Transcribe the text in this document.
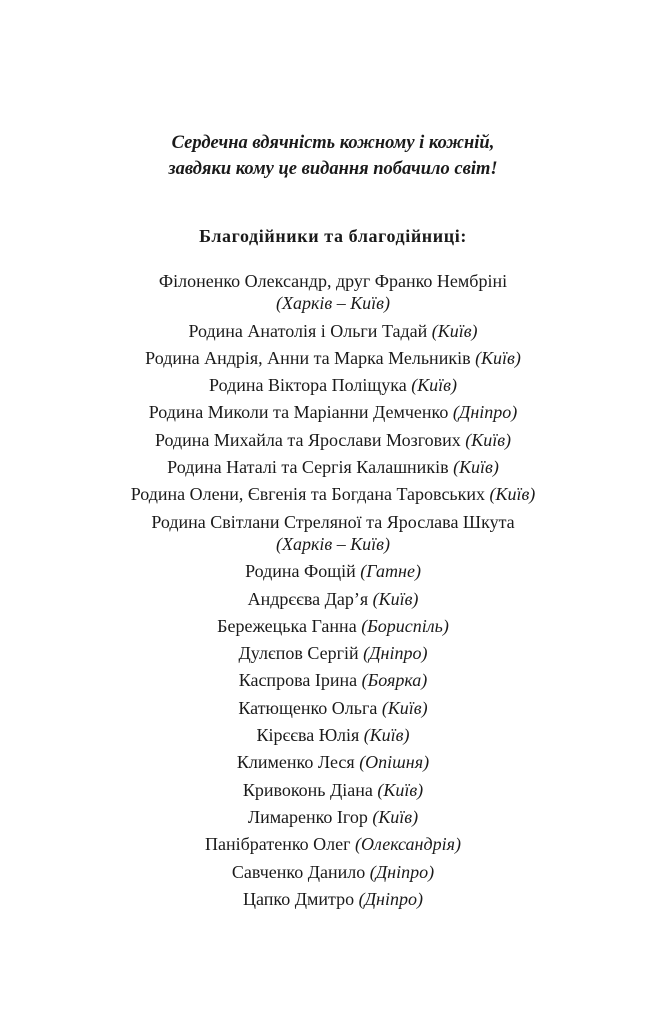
Сердечна вдячність кожному і кожній,
завдяки кому це видання побачило світ!
Благодійники та благодійниці:
Філоненко Олександр, друг Франко Нембріні
(Харків – Київ)
Родина Анатолія і Ольги Тадай (Київ)
Родина Андрія, Анни та Марка Мельників (Київ)
Родина Віктора Поліщука (Київ)
Родина Миколи та Маріанни Демченко (Дніпро)
Родина Михайла та Ярослави Мозгових (Київ)
Родина Наталі та Сергія Калашників (Київ)
Родина Олени, Євгенія та Богдана Таровських (Київ)
Родина Світлани Стреляної та Ярослава Шкута
(Харків – Київ)
Родина Фощій (Гатне)
Андрєєва Дар’я (Київ)
Бережецька Ганна (Бориспіль)
Дулєпов Сергій (Дніпро)
Каспрова Ірина (Боярка)
Катющенко Ольга (Київ)
Кірєєва Юлія (Київ)
Клименко Леся (Опішня)
Кривоконь Діана (Київ)
Лимаренко Ігор (Київ)
Панібратенко Олег (Олександрія)
Савченко Данило (Дніпро)
Цапко Дмитро (Дніпро)
